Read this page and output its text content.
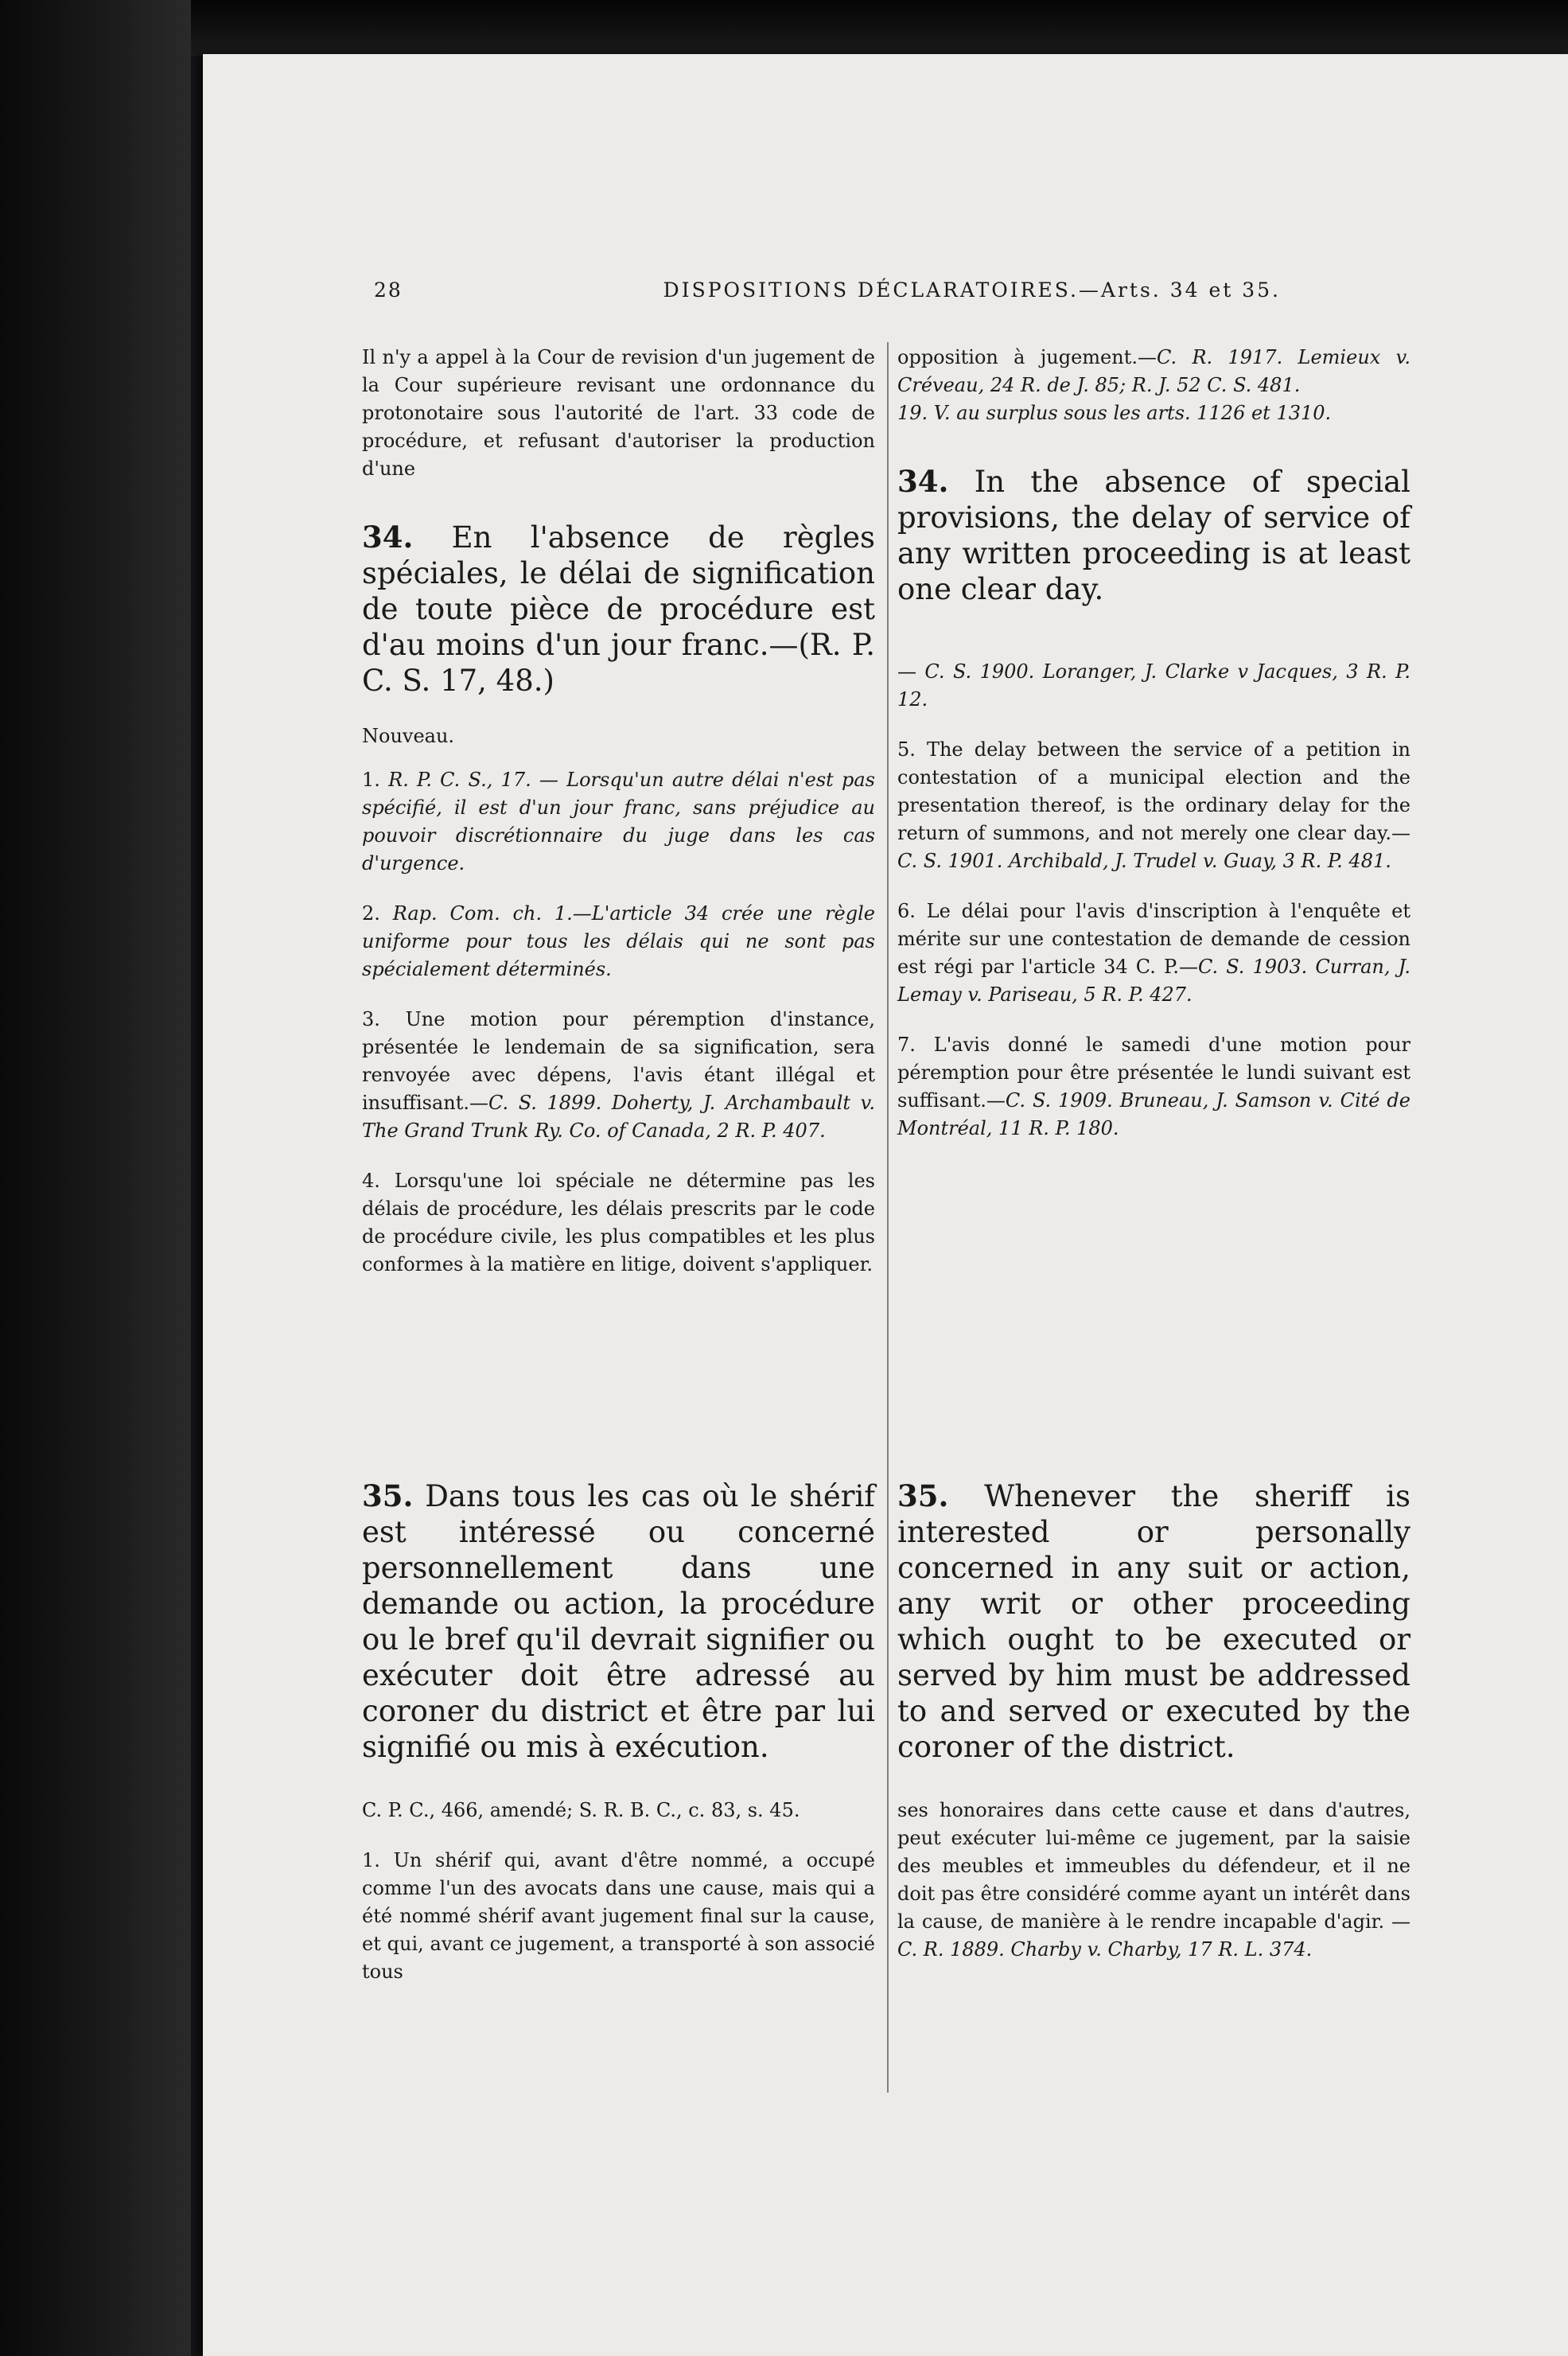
28	DISPOSITIONS DÉCLARATOIRES.—Arts. 34 et 35.

Il n'y a appel à la Cour de revision d'un jugement de la Cour supérieure revisant une ordonnance du protonotaire sous l'autorité de l'art. 33 code de procédure, et refusant d'autoriser la production d'une

34. En l'absence de règles spéciales, le délai de signification de toute pièce de procédure est d'au moins d'un jour franc.—(R. P. C. S. 17, 48.)

Nouveau.

1. R. P. C. S., 17. — Lorsqu'un autre délai n'est pas spécifié, il est d'un jour franc, sans préjudice au pouvoir discrétionnaire du juge dans les cas d'urgence.

2. Rap. Com. ch. 1.—L'article 34 crée une règle uniforme pour tous les délais qui ne sont pas spécialement déterminés.

3. Une motion pour péremption d'instance, présentée le lendemain de sa signification, sera renvoyée avec dépens, l'avis étant illégal et insuffisant.—C. S. 1899. Doherty, J. Archambault v. The Grand Trunk Ry. Co. of Canada, 2 R. P. 407.

4. Lorsqu'une loi spéciale ne détermine pas les délais de procédure, les délais prescrits par le code de procédure civile, les plus compatibles et les plus conformes à la matière en litige, doivent s'appliquer.

35. Dans tous les cas où le shérif est intéressé ou concerné personnellement dans une demande ou action, la procédure ou le bref qu'il devrait signifier ou exécuter doit être adressé au coroner du district et être par lui signifié ou mis à exécution.

C. P. C., 466, amendé; S. R. B. C., c. 83, s. 45.

1. Un shérif qui, avant d'être nommé, a occupé comme l'un des avocats dans une cause, mais qui a été nommé shérif avant jugement final sur la cause, et qui, avant ce jugement, a transporté à son associé tous

opposition à jugement.—C. R. 1917. Lemieux v. Créveau, 24 R. de J. 85; R. J. 52 C. S. 481.

19. V. au surplus sous les arts. 1126 et 1310.

34. In the absence of special provisions, the delay of service of any written proceeding is at least one clear day.

— C. S. 1900. Loranger, J. Clarke v Jacques, 3 R. P. 12.

5. The delay between the service of a petition in contestation of a municipal election and the presentation thereof, is the ordinary delay for the return of summons, and not merely one clear day.—C. S. 1901. Archibald, J. Trudel v. Guay, 3 R. P. 481.

6. Le délai pour l'avis d'inscription à l'enquête et mérite sur une contestation de demande de cession est régi par l'article 34 C. P.—C. S. 1903. Curran, J. Lemay v. Pariseau, 5 R. P. 427.

7. L'avis donné le samedi d'une motion pour péremption pour être présentée le lundi suivant est suffisant.—C. S. 1909. Bruneau, J. Samson v. Cité de Montréal, 11 R. P. 180.

35. Whenever the sheriff is interested or personally concerned in any suit or action, any writ or other proceeding which ought to be executed or served by him must be addressed to and served or executed by the coroner of the district.

ses honoraires dans cette cause et dans d'autres, peut exécuter lui-même ce jugement, par la saisie des meubles et immeubles du défendeur, et il ne doit pas être considéré comme ayant un intérêt dans la cause, de manière à le rendre incapable d'agir. — C. R. 1889. Charby v. Charby, 17 R. L. 374.
